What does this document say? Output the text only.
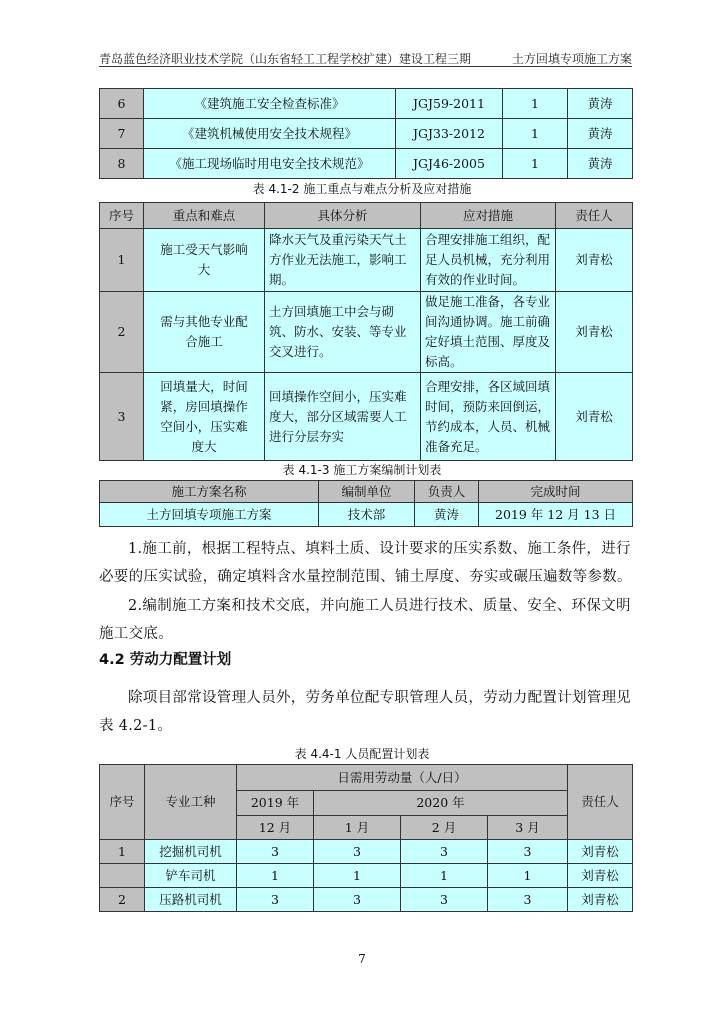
青岛蓝色经济职业技术学院（山东省轻工工程学校扩建）建设工程三期	土方回填专项施工方案
6	《建筑施工安全检查标准》	JGJ59-2011	1	黄涛
7	《建筑机械使用安全技术规程》	JGJ33-2012	1	黄涛
8	《施工现场临时用电安全技术规范》	JGJ46-2005	1	黄涛
表 4.1-2 施工重点与难点分析及应对措施
序号	重点和难点	具体分析	应对措施	责任人
1	施工受天气影响大	降水天气及重污染天气土方作业无法施工，影响工期。	合理安排施工组织，配足人员机械，充分利用有效的作业时间。	刘青松
2	需与其他专业配合施工	土方回填施工中会与砌筑、防水、安装、等专业交叉进行。	做足施工准备，各专业间沟通协调。施工前确定好填土范围、厚度及标高。	刘青松
3	回填量大，时间紧，房回填操作空间小，压实难度大	回填操作空间小，压实难度大，部分区域需要人工进行分层夯实	合理安排，各区域回填时间，预防来回倒运，节约成本，人员、机械准备充足。	刘青松
表 4.1-3 施工方案编制计划表
施工方案名称	编制单位	负责人	完成时间
土方回填专项施工方案	技术部	黄涛	2019 年 12 月 13 日
1.施工前，根据工程特点、填料土质、设计要求的压实系数、施工条件，进行必要的压实试验，确定填料含水量控制范围、铺土厚度、夯实或碾压遍数等参数。
2.编制施工方案和技术交底，并向施工人员进行技术、质量、安全、环保文明施工交底。
4.2 劳动力配置计划
除项目部常设管理人员外，劳务单位配专职管理人员，劳动力配置计划管理见表 4.2-1。
表 4.4-1 人员配置计划表
序号	专业工种	日需用劳动量（人/日）				责任人
		2019 年	2020 年			
		12 月	1 月	2 月	3 月	
1	挖掘机司机	3	3	3	3	刘青松
	铲车司机	1	1	1	1	刘青松
2	压路机司机	3	3	3	3	刘青松
7
